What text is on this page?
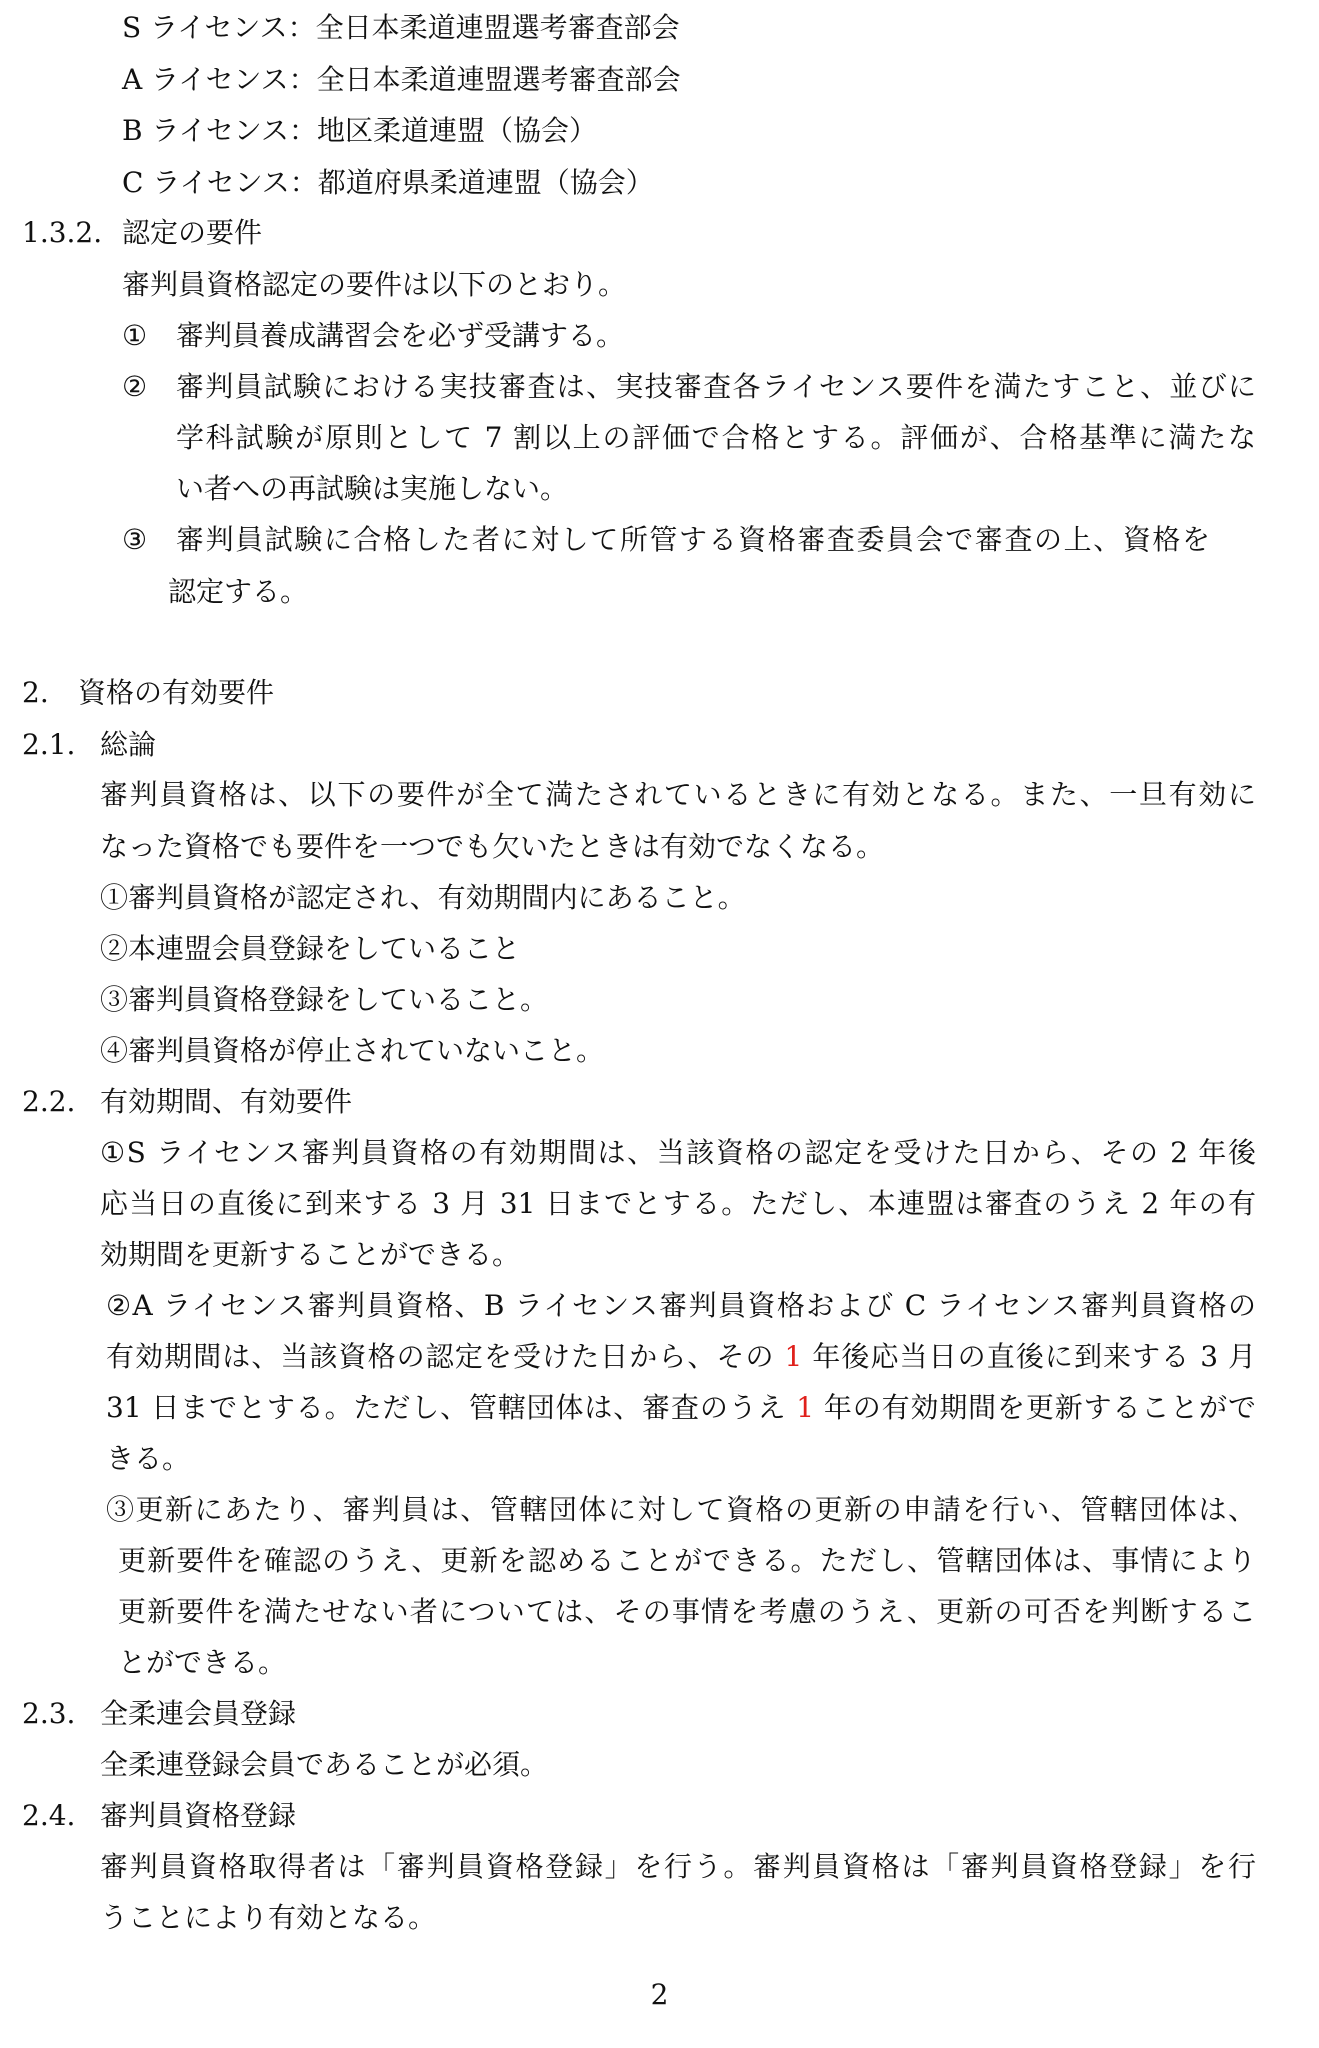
S ライセンス：全日本柔道連盟選考審査部会
A ライセンス：全日本柔道連盟選考審査部会
B ライセンス：地区柔道連盟（協会）
C ライセンス：都道府県柔道連盟（協会）
1.3.2. 認定の要件
審判員資格認定の要件は以下のとおり。
① 審判員養成講習会を必ず受講する。
② 審判員試験における実技審査は、実技審査各ライセンス要件を満たすこと、並びに
学科試験が原則として 7 割以上の評価で合格とする。評価が、合格基準に満たな
い者への再試験は実施しない。
③ 審判員試験に合格した者に対して所管する資格審査委員会で審査の上、資格を
認定する。
2. 資格の有効要件
2.1. 総論
審判員資格は、以下の要件が全て満たされているときに有効となる。また、一旦有効に
なった資格でも要件を一つでも欠いたときは有効でなくなる。
①審判員資格が認定され、有効期間内にあること。
②本連盟会員登録をしていること
③審判員資格登録をしていること。
④審判員資格が停止されていないこと。
2.2. 有効期間、有効要件
①S ライセンス審判員資格の有効期間は、当該資格の認定を受けた日から、その 2 年後
応当日の直後に到来する 3 月 31 日までとする。ただし、本連盟は審査のうえ 2 年の有
効期間を更新することができる。
②A ライセンス審判員資格、B ライセンス審判員資格および C ライセンス審判員資格の
有効期間は、当該資格の認定を受けた日から、その 1 年後応当日の直後に到来する 3 月
31 日までとする。ただし、管轄団体は、審査のうえ 1 年の有効期間を更新することがで
きる。
③更新にあたり、審判員は、管轄団体に対して資格の更新の申請を行い、管轄団体は、
更新要件を確認のうえ、更新を認めることができる。ただし、管轄団体は、事情により
更新要件を満たせない者については、その事情を考慮のうえ、更新の可否を判断するこ
とができる。
2.3. 全柔連会員登録
全柔連登録会員であることが必須。
2.4. 審判員資格登録
審判員資格取得者は「審判員資格登録」を行う。審判員資格は「審判員資格登録」を行
うことにより有効となる。
2
